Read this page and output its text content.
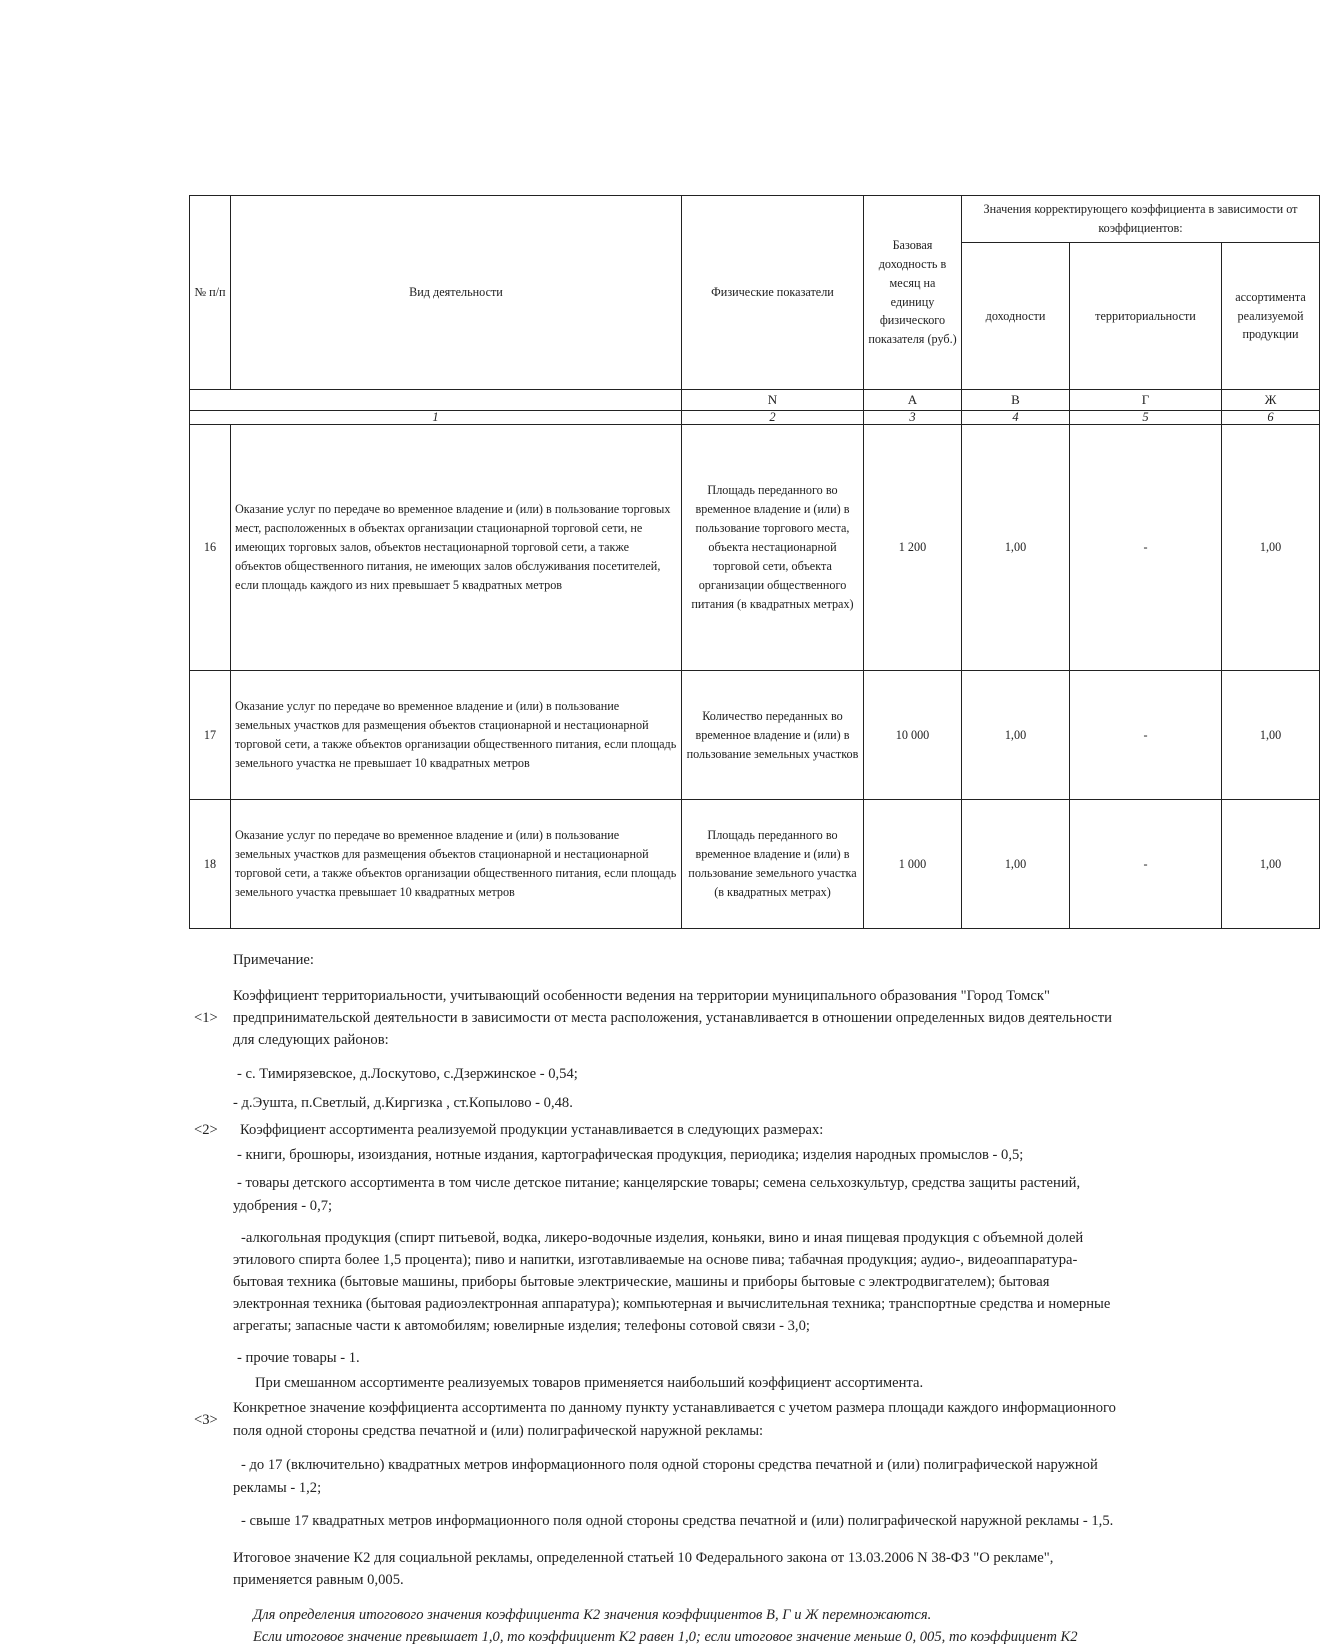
№ п/п	Вид деятельности	Физические показатели	Базовая доходность в месяц на единицу физического показателя (руб.)	Значения корректирующего коэффициента в зависимости от коэффициентов:		
				доходности	территориальности	ассортимента реализуемой продукции
		N	А	В	Г	Ж
1		2	3	4	5	6
16	Оказание услуг по передаче во временное владение и (или) в пользование торговых мест, расположенных в объектах организации стационарной торговой сети, не имеющих торговых залов, объектов нестационарной торговой сети, а также объектов общественного питания, не имеющих залов обслуживания посетителей, если площадь каждого из них превышает 5 квадратных метров	Площадь переданного во временное владение и (или) в пользование торгового места, объекта нестационарной торговой сети, объекта организации общественного питания (в квадратных метрах)	1 200	1,00	-	1,00
17	Оказание услуг по передаче во временное владение и (или) в пользование земельных участков для размещения объектов стационарной и нестационарной торговой сети, а также объектов организации общественного питания, если площадь земельного участка не превышает 10 квадратных метров	Количество переданных во временное владение и (или) в пользование земельных участков	10 000	1,00	-	1,00
18	Оказание услуг по передаче во временное владение и (или) в пользование земельных участков для размещения объектов стационарной и нестационарной торговой сети, а также объектов организации общественного питания, если площадь земельного участка превышает 10 квадратных метров	Площадь переданного во временное владение и (или) в пользование земельного участка (в квадратных метрах)	1 000	1,00	-	1,00
Примечание:
Коэффициент территориальности, учитывающий особенности ведения на территории муниципального образования "Город Томск"
<1> предпринимательской деятельности в зависимости от места расположения, устанавливается в отношении определенных видов деятельности
для следующих районов:
- с. Тимирязевское, д.Лоскутово, с.Дзержинское - 0,54;
- д.Эушта, п.Светлый, д.Киргизка , ст.Копылово - 0,48.
<2> Коэффициент ассортимента реализуемой продукции устанавливается в следующих размерах:
- книги, брошюры, изоиздания, нотные издания, картографическая продукция, периодика; изделия народных промыслов - 0,5;
- товары детского ассортимента в том числе детское питание; канцелярские товары; семена сельхозкультур, средства защиты растений,
удобрения - 0,7;
-алкогольная продукция (спирт питьевой, водка, ликеро-водочные изделия, коньяки, вино и иная пищевая продукция с объемной долей
этилового спирта более 1,5 процента); пиво и напитки, изготавливаемые на основе пива; табачная продукция; аудио-, видеоаппаратура-
бытовая техника (бытовые машины, приборы бытовые электрические, машины и приборы бытовые с электродвигателем); бытовая
электронная техника (бытовая радиоэлектронная аппаратура); компьютерная и вычислительная техника; транспортные средства и номерные
агрегаты; запасные части к автомобилям; ювелирные изделия; телефоны сотовой связи - 3,0;
- прочие товары - 1.
При смешанном ассортименте реализуемых товаров применяется наибольший коэффициент ассортимента.
Конкретное значение коэффициента ассортимента по данному пункту устанавливается с учетом размера площади каждого информационного
<3>
поля одной стороны средства печатной и (или) полиграфической наружной рекламы:
- до 17 (включительно) квадратных метров информационного поля одной стороны средства печатной и (или) полиграфической наружной
рекламы - 1,2;
- свыше 17 квадратных метров информационного поля одной стороны средства печатной и (или) полиграфической наружной рекламы - 1,5.
Итоговое значение К2 для социальной рекламы, определенной статьей 10 Федерального закона от 13.03.2006 N 38-ФЗ "О рекламе",
применяется равным 0,005.
Для определения итогового значения коэффициента К2 значения коэффициентов В, Г и Ж перемножаются.
Если итоговое значение превышает 1,0, то коэффициент К2 равен 1,0; если итоговое значение меньше 0, 005, то коэффициент К2
